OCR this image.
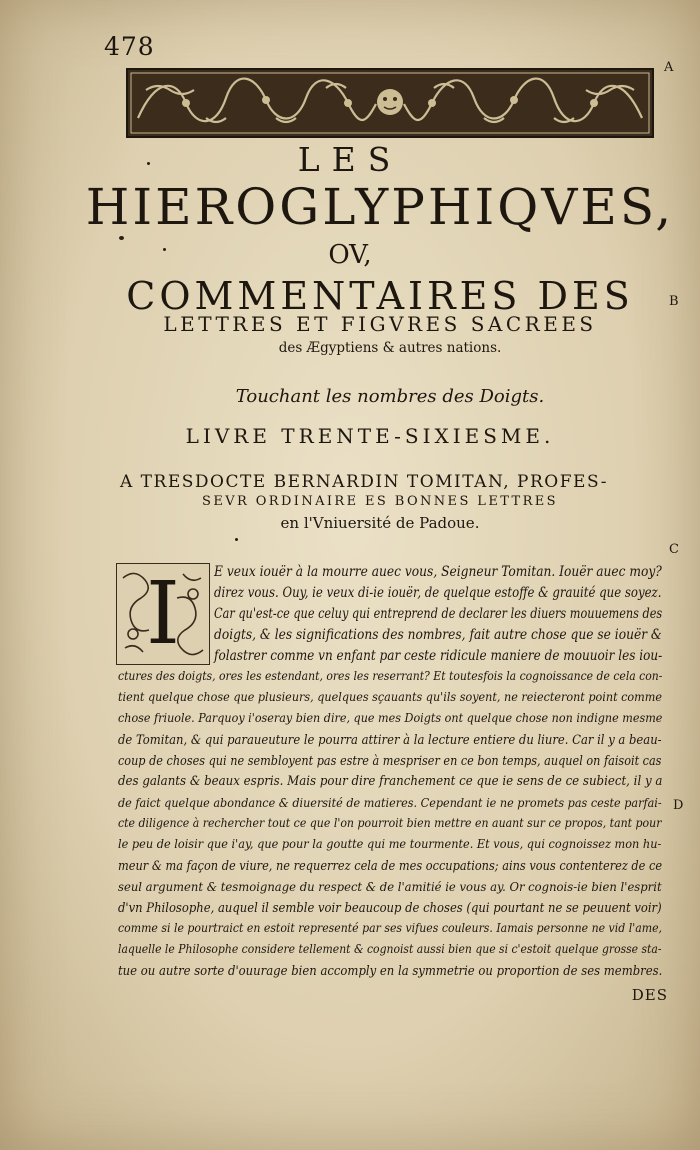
478
A
B
C
D
LES
HIEROGLYPHIQVES,
OV,
COMMENTAIRES DES
LETTRES ET FIGVRES SACREES
des Ægyptiens & autres nations.
Touchant les nombres des Doigts.
LIVRE TRENTE-SIXIESME.
A TRESDOCTE BERNARDIN TOMITAN, PROFES-
SEVR ORDINAIRE ES BONNES LETTRES
en l'Vniuersité de Padoue.
I	E veux iouër à la mourre auec vous, Seigneur Tomitan. Iouër auec moy?
direz vous. Ouy, ie veux di-ie iouër, de quelque estoffe & grauité que soyez.
Car qu'est-ce que celuy qui entreprend de declarer les diuers mouuemens des
doigts, & les significations des nombres, fait autre chose que se iouër &
folastrer comme vn enfant par ceste ridicule maniere de mouuoir les iou-
ctures des doigts, ores les estendant, ores les reserrant? Et toutesfois la cognoissance de cela con-
tient quelque chose que plusieurs, quelques sçauants qu'ils soyent, ne reiecteront point comme
chose friuole. Parquoy i'oseray bien dire, que mes Doigts ont quelque chose non indigne mesme
de Tomitan, & qui paraueuture le pourra attirer à la lecture entiere du liure. Car il y a beau-
coup de choses qui ne sembloyent pas estre à mespriser en ce bon temps, auquel on faisoit cas
des galants & beaux espris. Mais pour dire franchement ce que ie sens de ce subiect, il y a
de faict quelque abondance & diuersité de matieres. Cependant ie ne promets pas ceste parfai-
cte diligence à rechercher tout ce que l'on pourroit bien mettre en auant sur ce propos, tant pour
le peu de loisir que i'ay, que pour la goutte qui me tourmente. Et vous, qui cognoissez mon hu-
meur & ma façon de viure, ne requerrez cela de mes occupations; ains vous contenterez de ce
seul argument & tesmoignage du respect & de l'amitié ie vous ay. Or cognois-ie bien l'esprit
d'vn Philosophe, auquel il semble voir beaucoup de choses (qui pourtant ne se peuuent voir)
comme si le pourtraict en estoit representé par ses vifues couleurs. Iamais personne ne vid l'ame,
laquelle le Philosophe considere tellement & cognoist aussi bien que si c'estoit quelque grosse sta-
tue ou autre sorte d'ouurage bien accomply en la symmetrie ou proportion de ses membres.
DES
